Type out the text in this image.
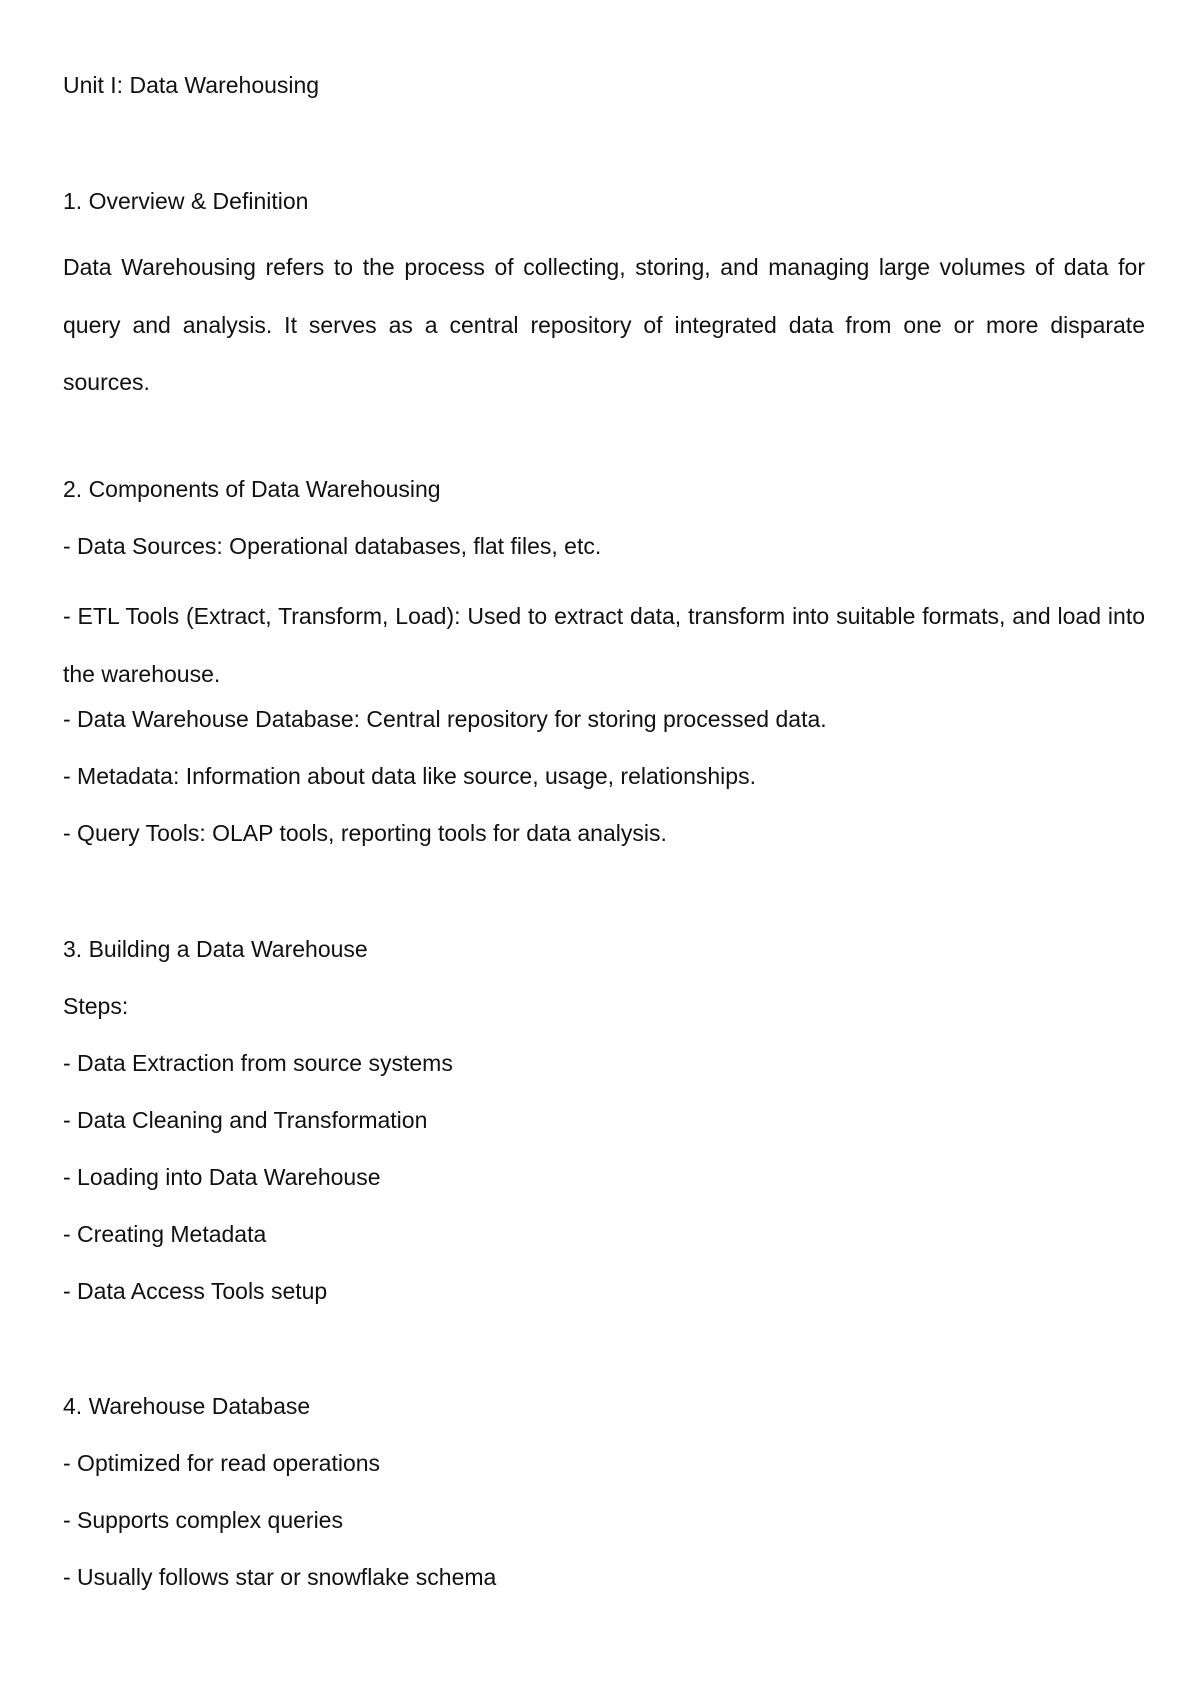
Unit I: Data Warehousing

1. Overview & Definition

Data Warehousing refers to the process of collecting, storing, and managing large volumes of data for query and analysis. It serves as a central repository of integrated data from one or more disparate sources.

2. Components of Data Warehousing

- Data Sources: Operational databases, flat files, etc.

- ETL Tools (Extract, Transform, Load): Used to extract data, transform into suitable formats, and load into the warehouse.

- Data Warehouse Database: Central repository for storing processed data.

- Metadata: Information about data like source, usage, relationships.

- Query Tools: OLAP tools, reporting tools for data analysis.

3. Building a Data Warehouse

Steps:

- Data Extraction from source systems

- Data Cleaning and Transformation

- Loading into Data Warehouse

- Creating Metadata

- Data Access Tools setup

4. Warehouse Database

- Optimized for read operations

- Supports complex queries

- Usually follows star or snowflake schema
